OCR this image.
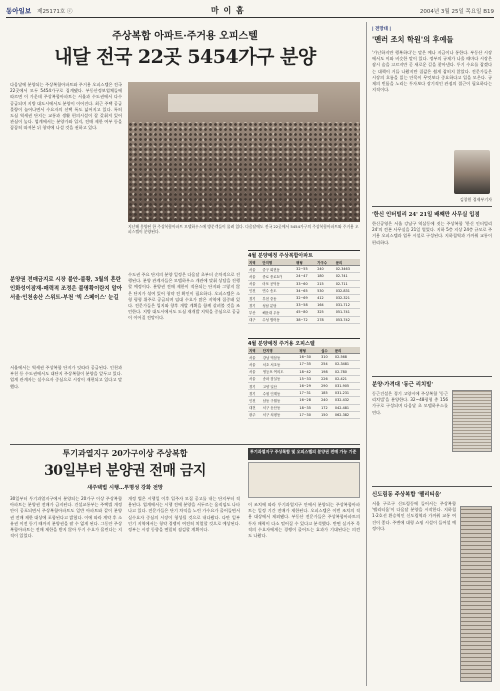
동아일보 제25171호 ⓒ	마 이 홈	2004년 3월 25일 목요일 B19
주상복합 아파트·주거용 오피스텔
내달 전국 22곳 5454가구 분양
다음달에 분양되는 주상복합아파트와 주거용 오피스텔은 전국 22곳에서 모두 5454가구로 집계됐다. 부동산정보업체들에 따르면 이 가운데 주상복합아파트는 서울과 수도권에서 다수 공급되며 지방 대도시에서도 분양이 이어진다. 최근 주택 공급 물량이 늘어나면서 수요자의 선택 폭도 넓어지고 있다. 특히 도심 역세권 단지는 교통과 생활 편의시설이 잘 갖춰져 있어 관심이 높다. 업계에서는 분양가와 입지, 전매 제한 여부 등을 꼼꼼히 따져본 뒤 청약에 나설 것을 권하고 있다.
분양권 전매금지로 시장 불안-불황, 3월의 혼란 인화성이잠재-매력적 조정은 불명확이란지 알아 서울·인천송산 스위트-부천 '빅 스페이스' 눈길
서울에서는 역세권 주상복합 단지가 잇따라 공급된다. 인천과 부천 등 수도권에서도 대단지 주상복합이 분양을 앞두고 있다. 업계 관계자는 실수요자 중심으로 시장이 재편되고 있다고 말했다.
수도권 주요 단지의 분양 일정은 다음달 초부터 순차적으로 진행된다. 분양 관계자들은 모델하우스 개관에 맞춰 상담을 진행할 예정이다. 분양권 전매 제한이 적용되는 단지와 그렇지 않은 단지가 섞여 있어 청약 전 확인이 필요하다. 오피스텔은 소형 평형 위주로 공급되며 임대 수요가 많은 지역에 집중돼 있다. 전문가들은 입지와 향후 개발 계획을 함께 살펴볼 것을 조언한다. 지방 대도시에서도 도심 재개발 지역을 중심으로 공급이 이어질 전망이다.
지난해 분양된 한 주상복합아파트 모델하우스에 방문객들이 몰려 있다. 다음달에도 전국 22곳에서 5454가구의 주상복합아파트와 주거용 오피스텔이 분양된다.
4월 분양예정 주상복합아파트
지역	단지명	평형	가구수	문의
서울	중구 회현동	32~55	240	02-3463
서울	종로 종로3가	24~47	180	02-741
서울	마포 공덕동	33~60	215	02-711
인천	연수 송도	34~65	530	032-831
경기	부천 중동	32~69	412	032-321
경기	성남 분당	33~58	164	031-712
부산	해운대 우동	45~80	325	051-741
대구	수성 범어동	38~72	278	053-742
4월 분양예정 주거용 오피스텔
지역	단지명	평형	실수	문의
서울	강남 역삼동	16~30	310	02-568
서울	서초 서초동	17~35	254	02-3481
서울	영등포 여의도	18~42	198	02-780
서울	송파 잠실동	15~33	226	02-421
경기	고양 일산	16~29	290	031-905
경기	수원 인계동	17~31	185	031-231
인천	남동 구월동	16~28	240	032-432
대전	서구 둔산동	18~35	172	042-481
광주	서구 치평동	17~30	150	062-382
투기과열지구 20가구이상 주상복합
30일부터 분양권 전매 금지
새주택법 시행…투명성 강화 전망
30일부터 투기과열지구에서 분양되는 20가구 이상 주상복합아파트는 분양권 전매가 금지된다. 건설교통부는 주택법 개정안이 공포되면서 주상복합아파트도 일반 아파트와 같이 분양권 전매 제한 대상에 포함된다고 밝혔다. 이에 따라 계약 후 소유권 이전 등기 때까지 분양권을 팔 수 없게 된다. 그동안 주상복합아파트는 전매 제한을 받지 않아 투기 수요가 몰린다는 지적이 있었다.
개정 법은 시행일 이후 입주자 모집 공고를 내는 단지부터 적용된다. 업계에서는 시행 전에 분양을 서두르는 움직임도 나타나고 있다. 전문가들은 단기 차익을 노린 가수요가 줄어들면서 실수요자 중심의 시장이 형성될 것으로 내다봤다. 다만 일부 인기 지역에서는 청약 경쟁이 여전히 치열할 것으로 예상된다. 정부는 시장 동향을 면밀히 점검할 계획이다.
투기과열지구 주상복합 및 오피스텔의 분양권 전매 가능 기준
이 조치에 따라 투기과열지구 안에서 분양되는 주상복합아파트는 일정 기간 전매가 제한된다. 오피스텔은 이번 조치의 적용 대상에서 제외됐다. 부동산 전문가들은 주상복합아파트의 투자 매력이 다소 떨어질 수 있다고 분석했다. 반면 실거주 목적의 수요자에게는 경쟁이 줄어드는 효과가 기대된다는 의견도 나왔다.
| 전망대 |
'멘러 조치 학원'의 후예들
'가난하지만 행복하다'는 말은 예나 지금이나 통한다. 부동산 시장에서도 이와 비슷한 말이 있다. 정부의 규제가 나올 때마다 시장은 잠시 숨을 고르지만 곧 새로운 길을 찾아낸다. 투기 수요를 잡겠다는 대책이 거듭 나왔지만 집값은 쉽게 잡히지 않았다. 전문가들은 시장의 흐름을 읽는 안목이 무엇보다 중요하다고 입을 모은다. 규제의 빈틈을 노리는 투자보다 장기적인 관점의 접근이 필요하다는 지적이다.
김창원 경제부기자
'한신 인터빌리 24' 21일 배째만 사무실 입점
한신공영은 서울 강남구 역삼동에 짓는 주상복합 '한신 인터빌리 24'의 견본 사무실을 21일 열었다. 지하 5층 지상 24층 규모로 주거용 오피스텔과 업무 시설로 구성된다. 지하철역과 가까워 교통이 편리하다.
분양·가격대 '동근 리치빌'
동근건설은 경기 고양시에 주상복합 '동근 리치빌'을 분양한다. 32~48평형 총 156가구로 구성되며 다음달 초 모델하우스를 연다.
신도림동 주상복합 '팰리티움'
서울 구로구 신도림동에 들어서는 주상복합 '팰리티움'이 다음달 분양을 시작한다. 지하철 1·2호선 환승역인 신도림역과 가까워 교통 여건이 좋다. 주변에 대형 쇼핑 시설이 들어설 예정이다.
